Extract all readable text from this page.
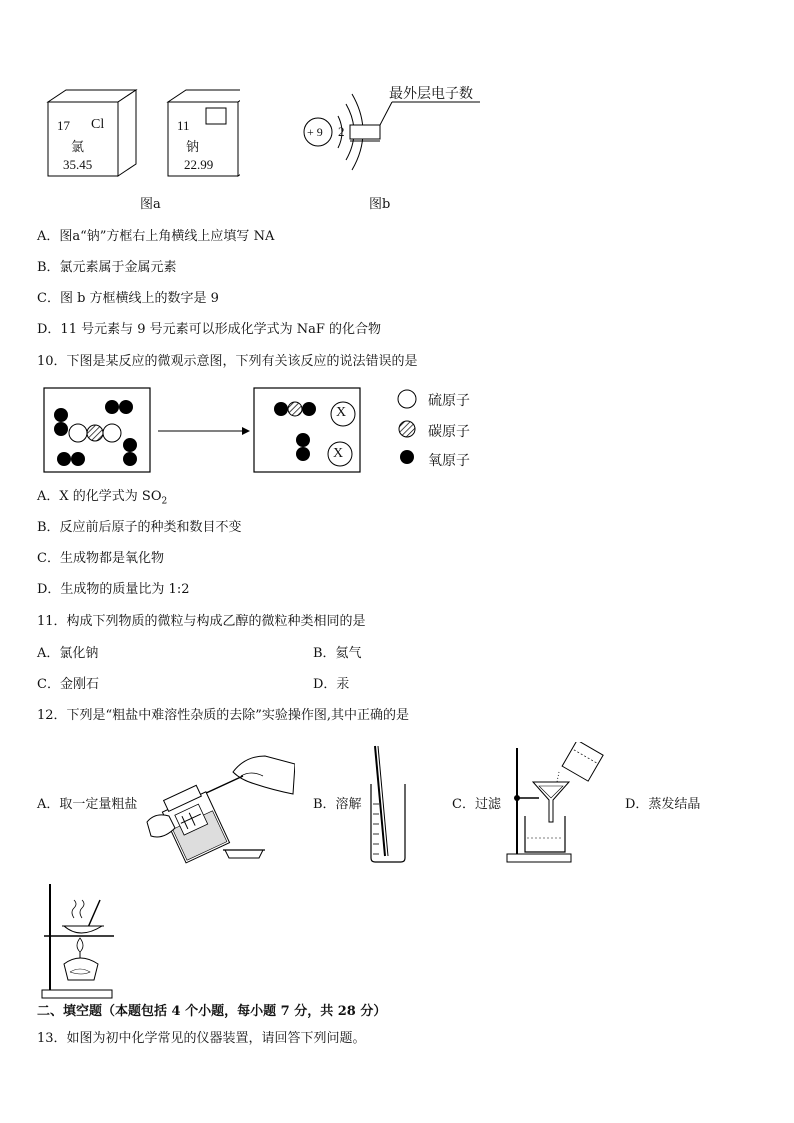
17 Cl
氯
35.45
11
钠
22.99
图a
+ 9 2
最外层电子数
图b
A．图a“钠”方框右上角横线上应填写 NA
B．氯元素属于金属元素
C．图 b 方框横线上的数字是 9
D．11 号元素与 9 号元素可以形成化学式为 NaF 的化合物
10．下图是某反应的微观示意图，下列有关该反应的说法错误的是
X
X
硫原子
碳原子
氧原子
A．X 的化学式为 $SO_2$
B．反应前后原子的种类和数目不变
C．生成物都是氧化物
D．生成物的质量比为 1:2
11．构成下列物质的微粒与构成乙醇的微粒种类相同的是
A．氯化钠	B．氦气
C．金刚石	D．汞
12．下列是“粗盐中难溶性杂质的去除”实验操作图,其中正确的是
A．取一定量粗盐	B．溶解	C．过滤	D．蒸发结晶
二、填空题（本题包括 4 个小题，每小题 7 分，共 28 分）
13．如图为初中化学常见的仪器装置，请回答下列问题。
